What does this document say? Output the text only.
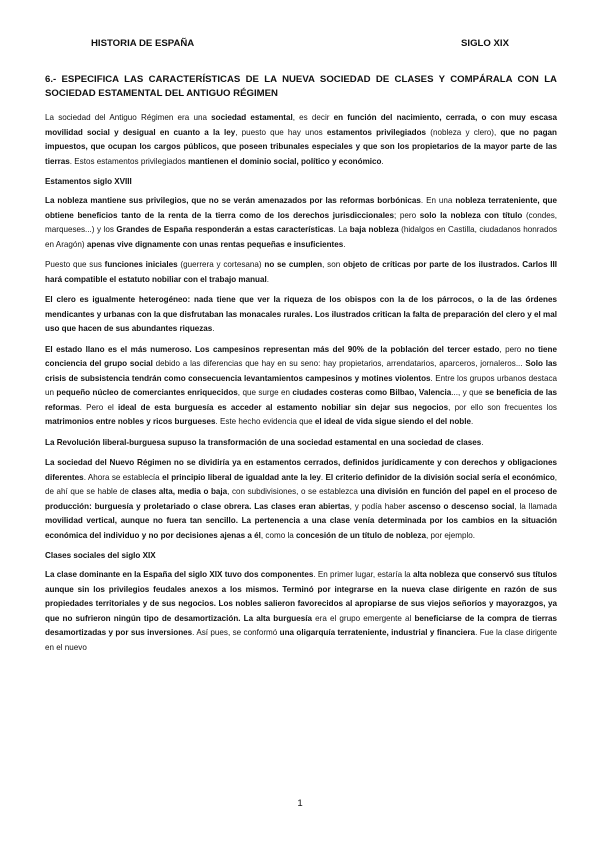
HISTORIA DE ESPAÑA	SIGLO XIX
6.- ESPECIFICA LAS CARACTERÍSTICAS DE LA NUEVA SOCIEDAD DE CLASES Y COMPÁRALA CON LA SOCIEDAD ESTAMENTAL DEL ANTIGUO RÉGIMEN
La sociedad del Antiguo Régimen era una sociedad estamental, es decir en función del nacimiento, cerrada, o con muy escasa movilidad social y desigual en cuanto a la ley, puesto que hay unos estamentos privilegiados (nobleza y clero), que no pagan impuestos, que ocupan los cargos públicos, que poseen tribunales especiales y que son los propietarios de la mayor parte de las tierras. Estos estamentos privilegiados mantienen el dominio social, político y económico.
Estamentos siglo XVIII
La nobleza mantiene sus privilegios, que no se verán amenazados por las reformas borbónicas. En una nobleza terrateniente, que obtiene beneficios tanto de la renta de la tierra como de los derechos jurisdiccionales; pero solo la nobleza con título (condes, marqueses...) y los Grandes de España responderán a estas características. La baja nobleza (hidalgos en Castilla, ciudadanos honrados en Aragón) apenas vive dignamente con unas rentas pequeñas e insuficientes.
Puesto que sus funciones iniciales (guerrera y cortesana) no se cumplen, son objeto de críticas por parte de los ilustrados. Carlos III hará compatible el estatuto nobiliar con el trabajo manual.
El clero es igualmente heterogéneo: nada tiene que ver la riqueza de los obispos con la de los párrocos, o la de las órdenes mendicantes y urbanas con la que disfrutaban las monacales rurales. Los ilustrados critican la falta de preparación del clero y el mal uso que hacen de sus abundantes riquezas.
El estado llano es el más numeroso. Los campesinos representan más del 90% de la población del tercer estado, pero no tiene conciencia del grupo social debido a las diferencias que hay en su seno: hay propietarios, arrendatarios, aparceros, jornaleros... Solo las crisis de subsistencia tendrán como consecuencia levantamientos campesinos y motines violentos. Entre los grupos urbanos destaca un pequeño núcleo de comerciantes enriquecidos, que surge en ciudades costeras como Bilbao, Valencia..., y que se beneficia de las reformas. Pero el ideal de esta burguesía es acceder al estamento nobiliar sin dejar sus negocios, por ello son frecuentes los matrimonios entre nobles y ricos burgueses. Este hecho evidencia que el ideal de vida sigue siendo el del noble.
La Revolución liberal-burguesa supuso la transformación de una sociedad estamental en una sociedad de clases.
La sociedad del Nuevo Régimen no se dividiría ya en estamentos cerrados, definidos jurídicamente y con derechos y obligaciones diferentes. Ahora se establecía el principio liberal de igualdad ante la ley. El criterio definidor de la división social sería el económico, de ahí que se hable de clases alta, media o baja, con subdivisiones, o se establezca una división en función del papel en el proceso de producción: burguesía y proletariado o clase obrera. Las clases eran abiertas, y podía haber ascenso o descenso social, la llamada movilidad vertical, aunque no fuera tan sencillo. La pertenencia a una clase venía determinada por los cambios en la situación económica del individuo y no por decisiones ajenas a él, como la concesión de un título de nobleza, por ejemplo.
Clases sociales del siglo XIX
La clase dominante en la España del siglo XIX tuvo dos componentes. En primer lugar, estaría la alta nobleza que conservó sus títulos aunque sin los privilegios feudales anexos a los mismos. Terminó por integrarse en la nueva clase dirigente en razón de sus propiedades territoriales y de sus negocios. Los nobles salieron favorecidos al apropiarse de sus viejos señoríos y mayorazgos, ya que no sufrieron ningún tipo de desamortización. La alta burguesía era el grupo emergente al beneficiarse de la compra de tierras desamortizadas y por sus inversiones. Así pues, se conformó una oligarquía terrateniente, industrial y financiera. Fue la clase dirigente en el nuevo
1
